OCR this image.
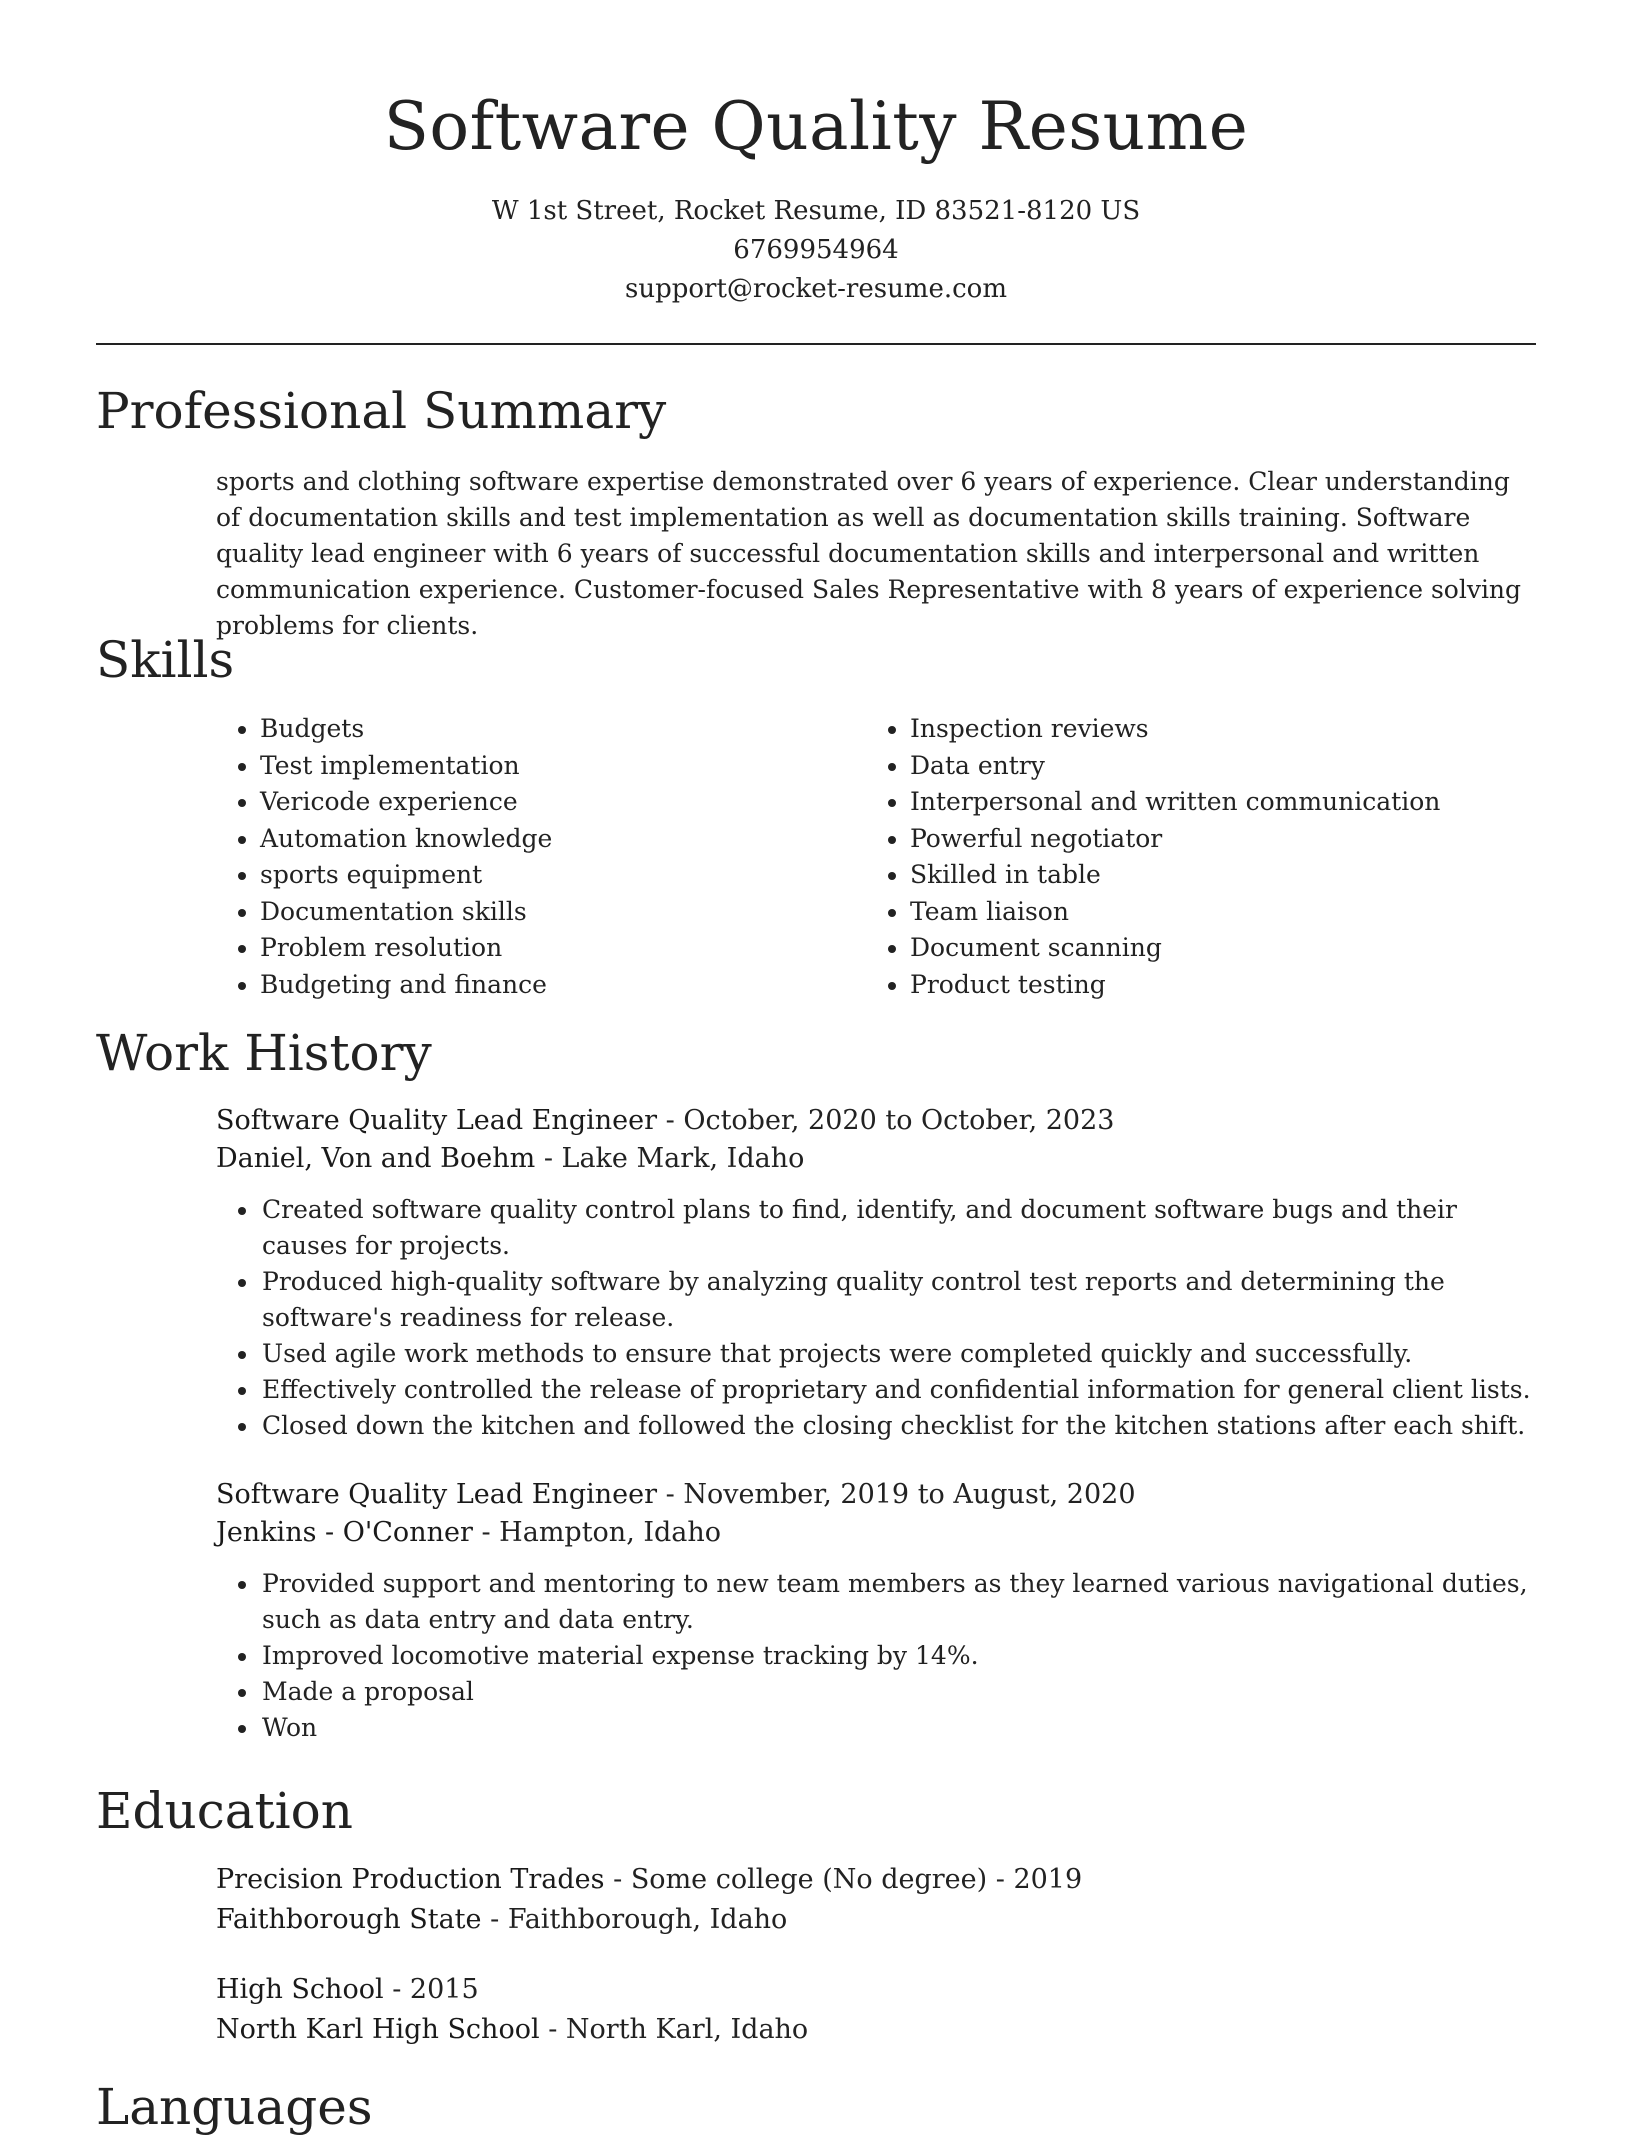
Software Quality Resume
W 1st Street, Rocket Resume, ID 83521-8120 US
6769954964
support@rocket-resume.com
Professional Summary
sports and clothing software expertise demonstrated over 6 years of experience. Clear understanding of documentation skills and test implementation as well as documentation skills training. Software quality lead engineer with 6 years of successful documentation skills and interpersonal and written communication experience. Customer-focused Sales Representative with 8 years of experience solving problems for clients.
Skills
• Budgets
• Test implementation
• Vericode experience
• Automation knowledge
• sports equipment
• Documentation skills
• Problem resolution
• Budgeting and finance
• Inspection reviews
• Data entry
• Interpersonal and written communication
• Powerful negotiator
• Skilled in table
• Team liaison
• Document scanning
• Product testing
Work History
Software Quality Lead Engineer - October, 2020 to October, 2023
Daniel, Von and Boehm - Lake Mark, Idaho
• Created software quality control plans to find, identify, and document software bugs and their causes for projects.
• Produced high-quality software by analyzing quality control test reports and determining the software's readiness for release.
• Used agile work methods to ensure that projects were completed quickly and successfully.
• Effectively controlled the release of proprietary and confidential information for general client lists.
• Closed down the kitchen and followed the closing checklist for the kitchen stations after each shift.
Software Quality Lead Engineer - November, 2019 to August, 2020
Jenkins - O'Conner - Hampton, Idaho
• Provided support and mentoring to new team members as they learned various navigational duties, such as data entry and data entry.
• Improved locomotive material expense tracking by 14%.
• Made a proposal
• Won
Education
Precision Production Trades - Some college (No degree) - 2019
Faithborough State - Faithborough, Idaho
High School - 2015
North Karl High School - North Karl, Idaho
Languages
